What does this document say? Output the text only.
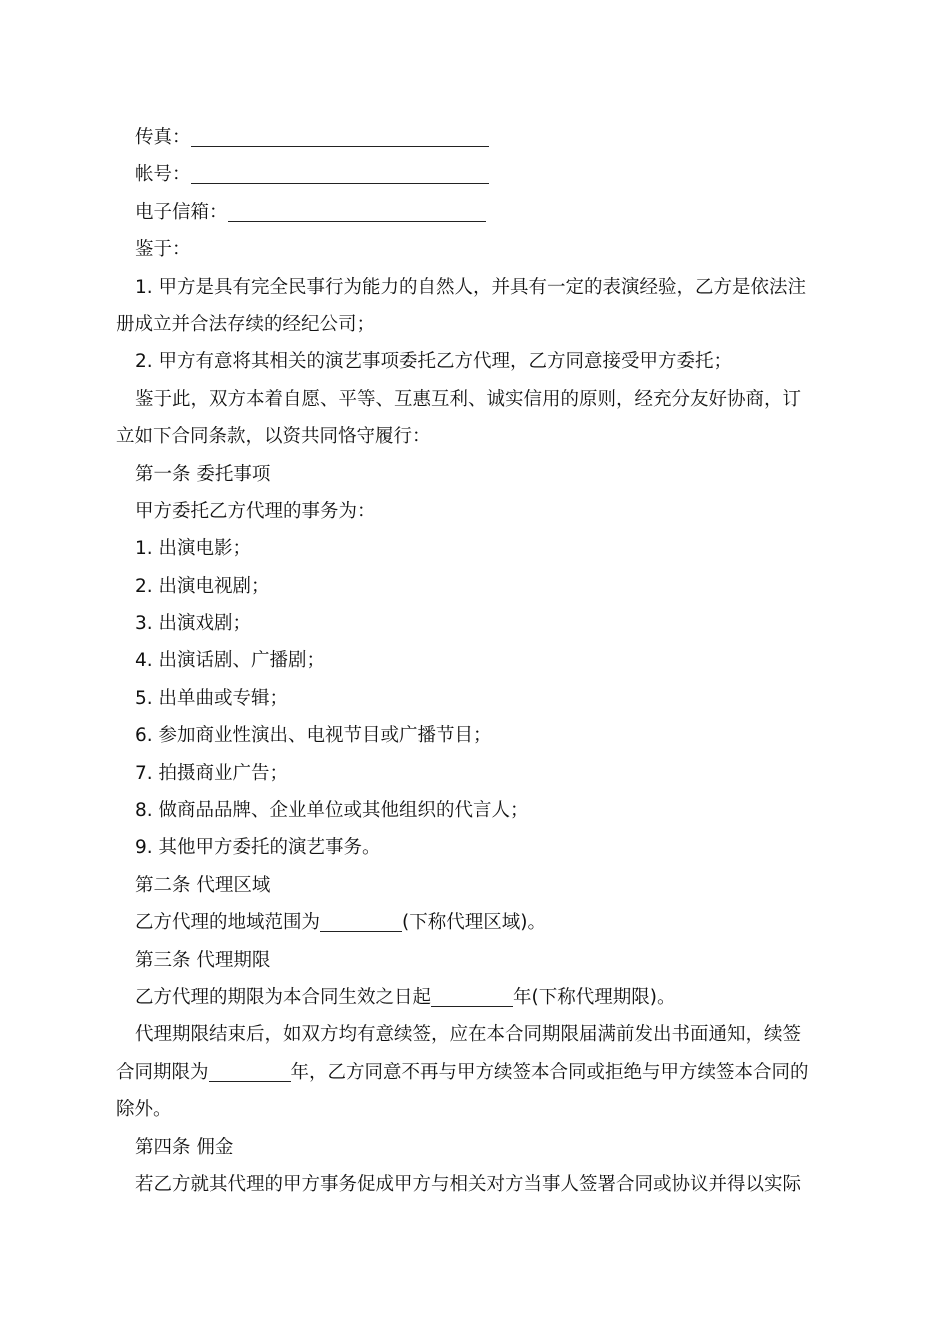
传真：

帐号：

电子信箱：

鉴于：

1. 甲方是具有完全民事行为能力的自然人，并具有一定的表演经验，乙方是依法注

册成立并合法存续的经纪公司；

2. 甲方有意将其相关的演艺事项委托乙方代理，乙方同意接受甲方委托；

鉴于此，双方本着自愿、平等、互惠互利、诚实信用的原则，经充分友好协商，订

立如下合同条款，以资共同恪守履行：

第一条 委托事项

甲方委托乙方代理的事务为：

1. 出演电影；

2. 出演电视剧；

3. 出演戏剧；

4. 出演话剧、广播剧；

5. 出单曲或专辑；

6. 参加商业性演出、电视节目或广播节目；

7. 拍摄商业广告；

8. 做商品品牌、企业单位或其他组织的代言人；

9. 其他甲方委托的演艺事务。

第二条 代理区域

乙方代理的地域范围为	(下称代理区域)。

第三条 代理期限

乙方代理的期限为本合同生效之日起	年(下称代理期限)。

代理期限结束后，如双方均有意续签，应在本合同期限届满前发出书面通知，续签

合同期限为	年，乙方同意不再与甲方续签本合同或拒绝与甲方续签本合同的

除外。

第四条 佣金

若乙方就其代理的甲方事务促成甲方与相关对方当事人签署合同或协议并得以实际
